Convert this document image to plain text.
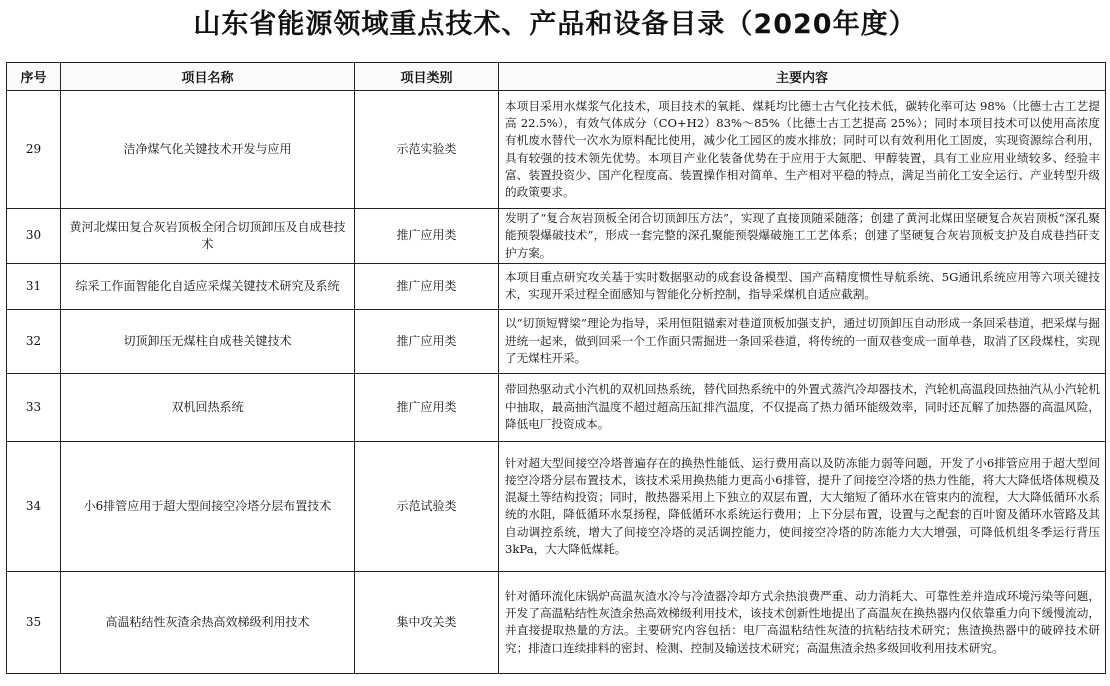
山东省能源领域重点技术、产品和设备目录（2020年度）
序号	项目名称	项目类别	主要内容
29	洁净煤气化关键技术开发与应用	示范实验类	本项目采用水煤浆气化技术，项目技术的氧耗、煤耗均比德士古气化技术低，碳转化率可达 98%（比德士古工艺提高 22.5%），有效气体成分（CO+H2）83%～85%（比德士古工艺提高 25%）；同时本项目技术可以使用高浓度有机废水替代一次水为原料配比使用，减少化工园区的废水排放；同时可以有效利用化工固废，实现资源综合利用，具有较强的技术领先优势。本项目产业化装备优势在于应用于大氮肥、甲醇装置，具有工业应用业绩较多、经验丰富、装置投资少、国产化程度高、装置操作相对简单、生产相对平稳的特点，满足当前化工安全运行、产业转型升级的政策要求。
30	黄河北煤田复合灰岩顶板全闭合切顶卸压及自成巷技术	推广应用类	发明了“复合灰岩顶板全闭合切顶卸压方法”，实现了直接顶随采随落；创建了黄河北煤田坚硬复合灰岩顶板“深孔聚能预裂爆破技术”，形成一套完整的深孔聚能预裂爆破施工工艺体系；创建了坚硬复合灰岩顶板支护及自成巷挡矸支护方案。
31	综采工作面智能化自适应采煤关键技术研究及系统	推广应用类	本项目重点研究攻关基于实时数据驱动的成套设备模型、国产高精度惯性导航系统、5G通讯系统应用等六项关键技术，实现开采过程全面感知与智能化分析控制，指导采煤机自适应截割。
32	切顶卸压无煤柱自成巷关键技术	推广应用类	以“切顶短臂梁”理论为指导，采用恒阻锚索对巷道顶板加强支护，通过切顶卸压自动形成一条回采巷道，把采煤与掘进统一起来，做到回采一个工作面只需掘进一条回采巷道，将传统的一面双巷变成一面单巷，取消了区段煤柱，实现了无煤柱开采。
33	双机回热系统	推广应用类	带回热驱动式小汽机的双机回热系统，替代回热系统中的外置式蒸汽冷却器技术，汽轮机高温段回热抽汽从小汽轮机中抽取，最高抽汽温度不超过超高压缸排汽温度，不仅提高了热力循环能级效率，同时还瓦解了加热器的高温风险，降低电厂投资成本。
34	小6排管应用于超大型间接空冷塔分层布置技术	示范试验类	针对超大型间接空冷塔普遍存在的换热性能低、运行费用高以及防冻能力弱等问题，开发了小6排管应用于超大型间接空冷塔分层布置技术，该技术采用换热能力更高小6排管，提升了间接空冷塔的热力性能，将大大降低塔体规模及混凝土等结构投资；同时，散热器采用上下独立的双层布置，大大缩短了循环水在管束内的流程，大大降低循环水系统的水阻，降低循环水泵扬程，降低循环水系统运行费用；上下分层布置，设置与之配套的百叶窗及循环水管路及其自动调控系统，增大了间接空冷塔的灵活调控能力，使间接空冷塔的防冻能力大大增强，可降低机组冬季运行背压3kPa，大大降低煤耗。
35	高温粘结性灰渣余热高效梯级利用技术	集中攻关类	针对循环流化床锅炉高温灰渣水冷与冷渣器冷却方式余热浪费严重、动力消耗大、可靠性差并造成环境污染等问题，开发了高温粘结性灰渣余热高效梯级利用技术，该技术创新性地提出了高温灰在换热器内仅依靠重力向下缓慢流动，并直接提取热量的方法。主要研究内容包括：电厂高温粘结性灰渣的抗粘结技术研究；焦渣换热器中的破碎技术研究；排渣口连续排料的密封、检测、控制及输送技术研究；高温焦渣余热多级回收利用技术研究。
